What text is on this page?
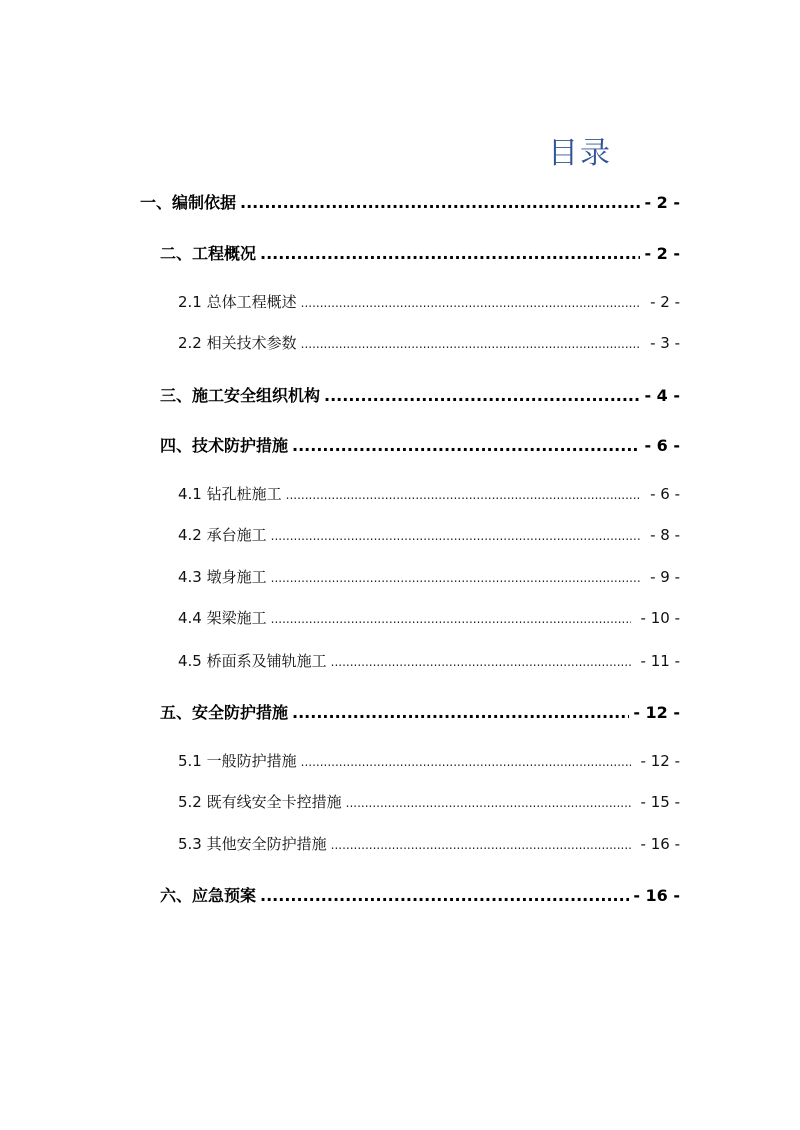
目录
一、编制依据 .....	- 2 -
二、工程概况 .....	- 2 -
2.1 总体工程概述 .....	- 2 -
2.2 相关技术参数 .....	- 3 -
三、施工安全组织机构 .....	- 4 -
四、技术防护措施 .....	- 6 -
4.1 钻孔桩施工 .....	- 6 -
4.2 承台施工 .....	- 8 -
4.3 墩身施工 .....	- 9 -
4.4 架梁施工 .....	- 10 -
4.5 桥面系及铺轨施工 .....	- 11 -
五、安全防护措施 .....	- 12 -
5.1 一般防护措施 .....	- 12 -
5.2 既有线安全卡控措施 .....	- 15 -
5.3 其他安全防护措施 .....	- 16 -
六、应急预案 .....	- 16 -
